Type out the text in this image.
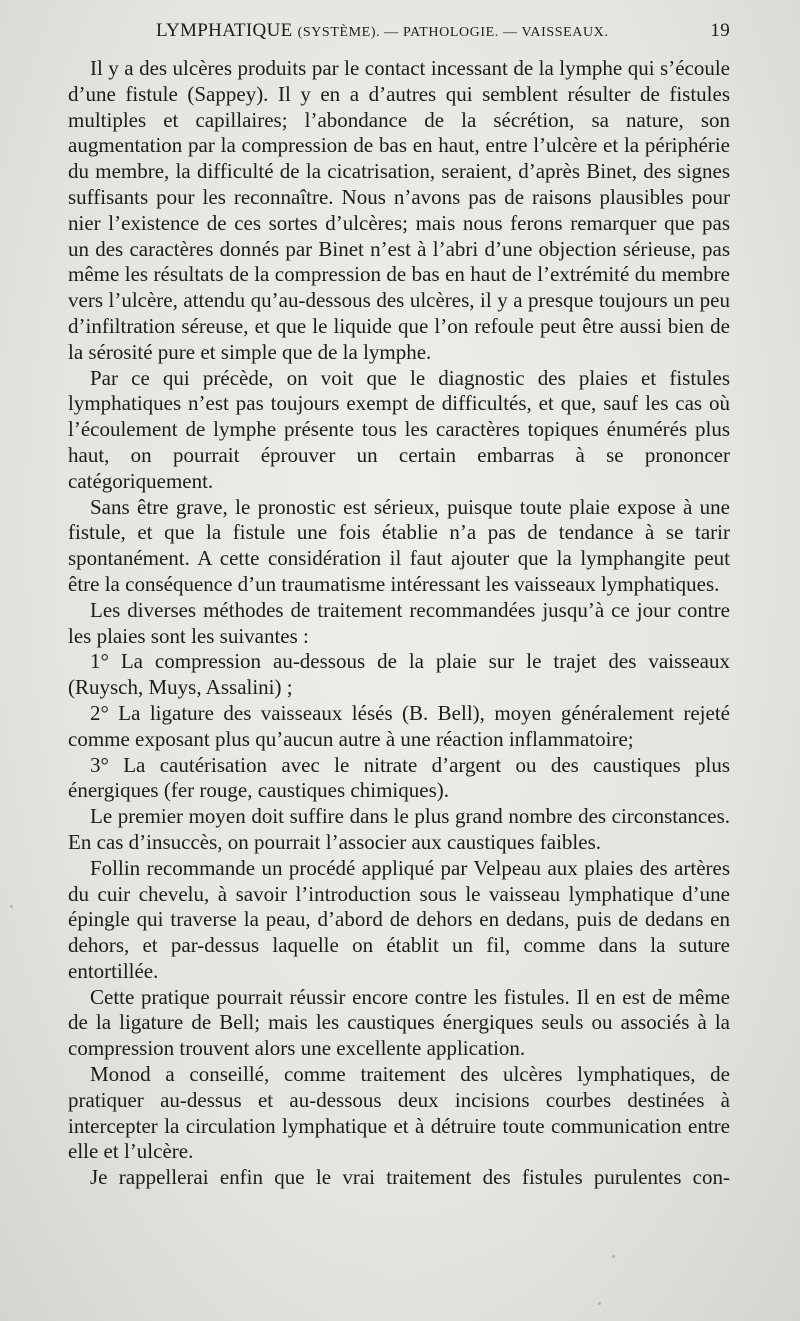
LYMPHATIQUE (SYSTÈME). — PATHOLOGIE. — VAISSEAUX.	19

Il y a des ulcères produits par le contact incessant de la lymphe qui s’écoule d’une fistule (Sappey). Il y en a d’autres qui semblent résulter de fistules multiples et capillaires; l’abondance de la sécrétion, sa nature, son augmentation par la compression de bas en haut, entre l’ulcère et la périphérie du membre, la difficulté de la cicatrisation, seraient, d’après Binet, des signes suffisants pour les reconnaître. Nous n’avons pas de raisons plausibles pour nier l’existence de ces sortes d’ulcères; mais nous ferons remarquer que pas un des caractères donnés par Binet n’est à l’abri d’une objection sérieuse, pas même les résultats de la compression de bas en haut de l’extrémité du membre vers l’ulcère, attendu qu’au-dessous des ulcères, il y a presque toujours un peu d’infiltration séreuse, et que le liquide que l’on refoule peut être aussi bien de la sérosité pure et simple que de la lymphe.

Par ce qui précède, on voit que le diagnostic des plaies et fistules lymphatiques n’est pas toujours exempt de difficultés, et que, sauf les cas où l’écoulement de lymphe présente tous les caractères topiques énumérés plus haut, on pourrait éprouver un certain embarras à se prononcer catégoriquement.

Sans être grave, le pronostic est sérieux, puisque toute plaie expose à une fistule, et que la fistule une fois établie n’a pas de tendance à se tarir spontanément. A cette considération il faut ajouter que la lymphangite peut être la conséquence d’un traumatisme intéressant les vaisseaux lymphatiques.

Les diverses méthodes de traitement recommandées jusqu’à ce jour contre les plaies sont les suivantes :

1° La compression au-dessous de la plaie sur le trajet des vaisseaux (Ruysch, Muys, Assalini) ;

2° La ligature des vaisseaux lésés (B. Bell), moyen généralement rejeté comme exposant plus qu’aucun autre à une réaction inflammatoire;

3° La cautérisation avec le nitrate d’argent ou des caustiques plus énergiques (fer rouge, caustiques chimiques).

Le premier moyen doit suffire dans le plus grand nombre des circonstances. En cas d’insuccès, on pourrait l’associer aux caustiques faibles.

Follin recommande un procédé appliqué par Velpeau aux plaies des artères du cuir chevelu, à savoir l’introduction sous le vaisseau lymphatique d’une épingle qui traverse la peau, d’abord de dehors en dedans, puis de dedans en dehors, et par-dessus laquelle on établit un fil, comme dans la suture entortillée.

Cette pratique pourrait réussir encore contre les fistules. Il en est de même de la ligature de Bell; mais les caustiques énergiques seuls ou associés à la compression trouvent alors une excellente application.

Monod a conseillé, comme traitement des ulcères lymphatiques, de pratiquer au-dessus et au-dessous deux incisions courbes destinées à intercepter la circulation lymphatique et à détruire toute communication entre elle et l’ulcère.

Je rappellerai enfin que le vrai traitement des fistules purulentes con-
